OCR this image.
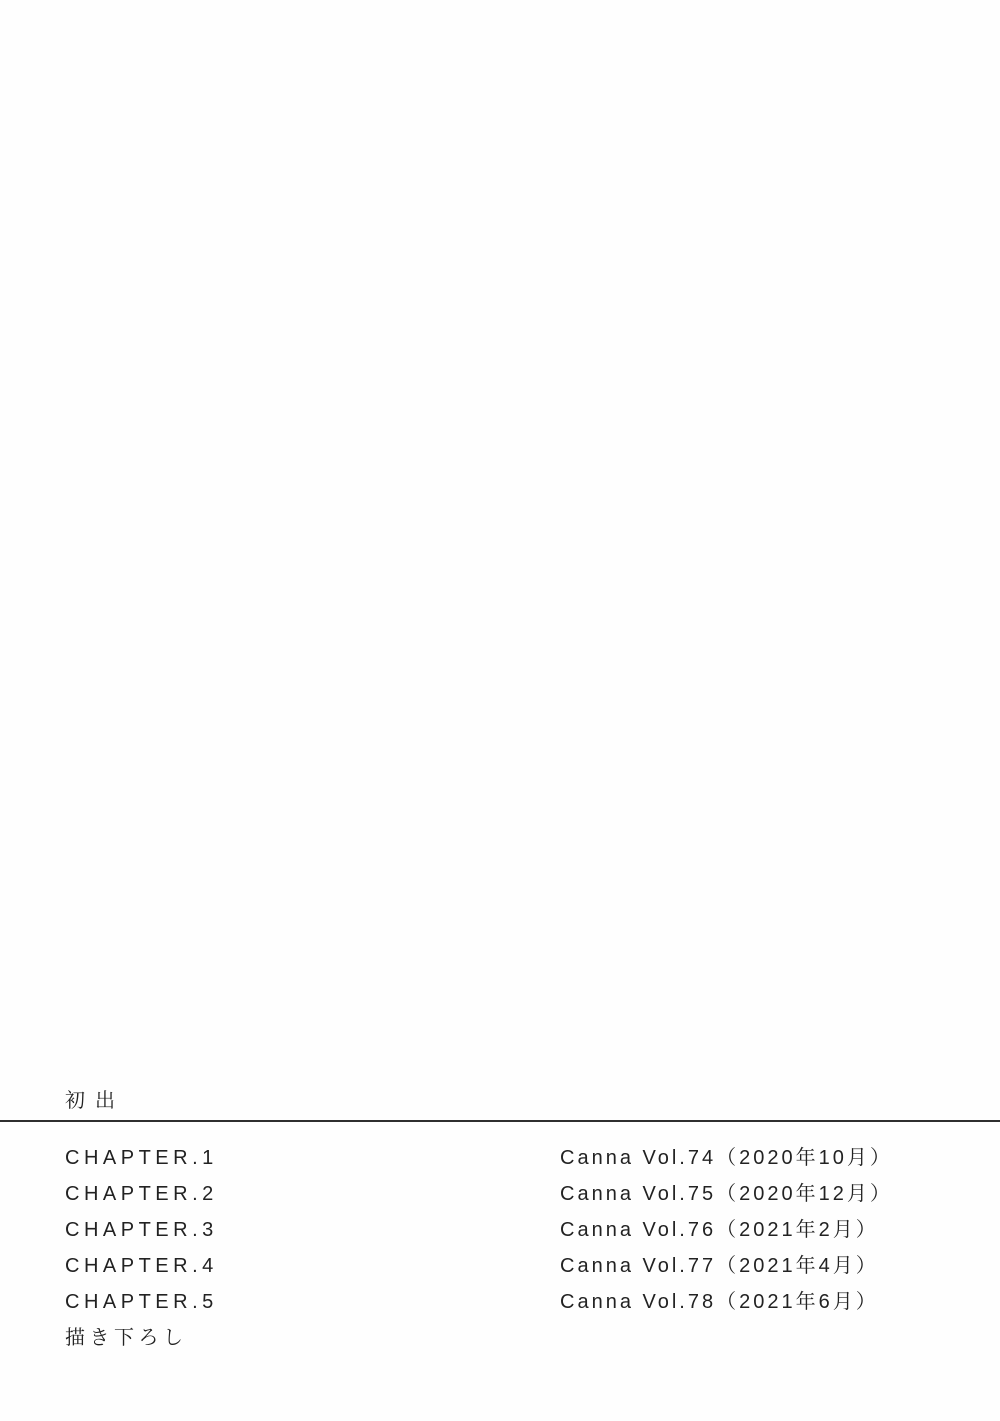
初出
CHAPTER.1	Canna Vol.74（2020年10月）
CHAPTER.2	Canna Vol.75（2020年12月）
CHAPTER.3	Canna Vol.76（2021年2月）
CHAPTER.4	Canna Vol.77（2021年4月）
CHAPTER.5	Canna Vol.78（2021年6月）
描き下ろし
